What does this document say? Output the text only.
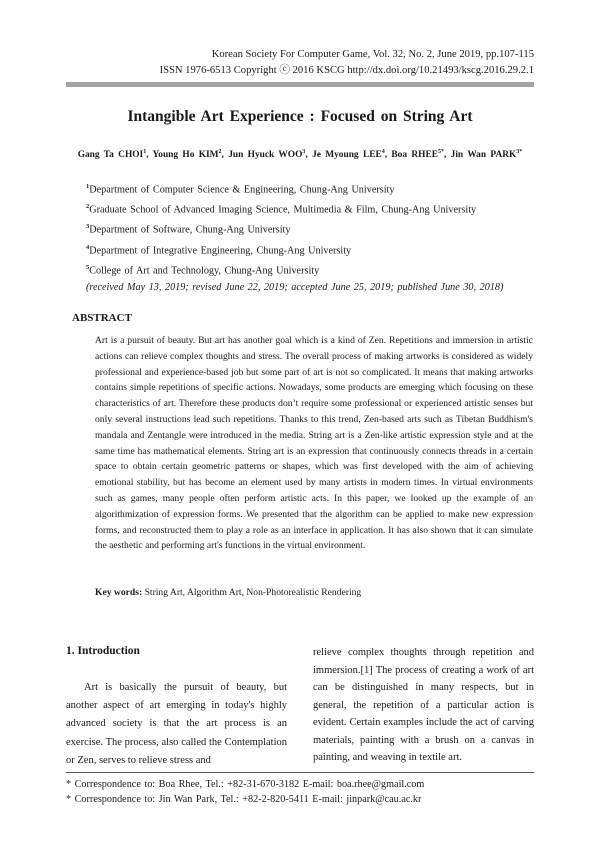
Korean Society For Computer Game, Vol. 32, No. 2, June 2019, pp.107-115
ISSN 1976-6513 Copyright ⓒ 2016 KSCG http://dx.doi.org/10.21493/kscg.2016.29.2.1
Intangible Art Experience : Focused on String Art
Gang Ta CHOI$^1$, Young Ho KIM$^2$, Jun Hyuck WOO$^3$, Je Myoung LEE$^4$, Boa $RHEE^{5*}$, Jin Wan $PARK^{3*}$
$^1$Department of Computer Science & Engineering, Chung-Ang University
$^2$Graduate School of Advanced Imaging Science, Multimedia & Film, Chung-Ang University
$^3$Department of Software, Chung-Ang University
$^4$Department of Integrative Engineering, Chung-Ang University
$^5$College of Art and Technology, Chung-Ang University
(received May 13, 2019; revised June 22, 2019; accepted June 25, 2019; published June 30, 2018)
ABSTRACT
Art is a pursuit of beauty. But art has another goal which is a kind of Zen. Repetitions and immersion in artistic actions can relieve complex thoughts and stress. The overall process of making artworks is considered as widely professional and experience-based job but some part of art is not so complicated. It means that making artworks contains simple repetitions of specific actions. Nowadays, some products are emerging which focusing on these characteristics of art. Therefore these products don’t require some professional or experienced artistic senses but only several instructions lead such repetitions. Thanks to this trend, Zen-based arts such as Tibetan Buddhism's mandala and Zentangle were introduced in the media. String art is a Zen-like artistic expression style and at the same time has mathematical elements. String art is an expression that continuously connects threads in a certain space to obtain certain geometric patterns or shapes, which was first developed with the aim of achieving emotional stability, but has become an element used by many artists in modern times. In virtual environments such as games, many people often perform artistic acts. In this paper, we looked up the example of an algorithmization of expression forms. We presented that the algorithm can be applied to make new expression forms, and reconstructed them to play a role as an interface in application. It has also shown that it can simulate the aesthetic and performing art's functions in the virtual environment.
Key words: String Art, Algorithm Art, Non-Photorealistic Rendering
1. Introduction
Art is basically the pursuit of beauty, but another aspect of art emerging in today's highly advanced society is that the art process is an exercise. The process, also called the Contemplation or Zen, serves to relieve stress and
relieve complex thoughts through repetition and immersion.[1] The process of creating a work of art can be distinguished in many respects, but in general, the repetition of a particular action is evident. Certain examples include the act of carving materials, painting with a brush on a canvas in painting, and weaving in textile art.
* Correspondence to: Boa Rhee, Tel.: +82-31-670-3182 E-mail: boa.rhee@gmail.com
* Correspondence to: Jin Wan Park, Tel.: +82-2-820-5411 E-mail: jinpark@cau.ac.kr
